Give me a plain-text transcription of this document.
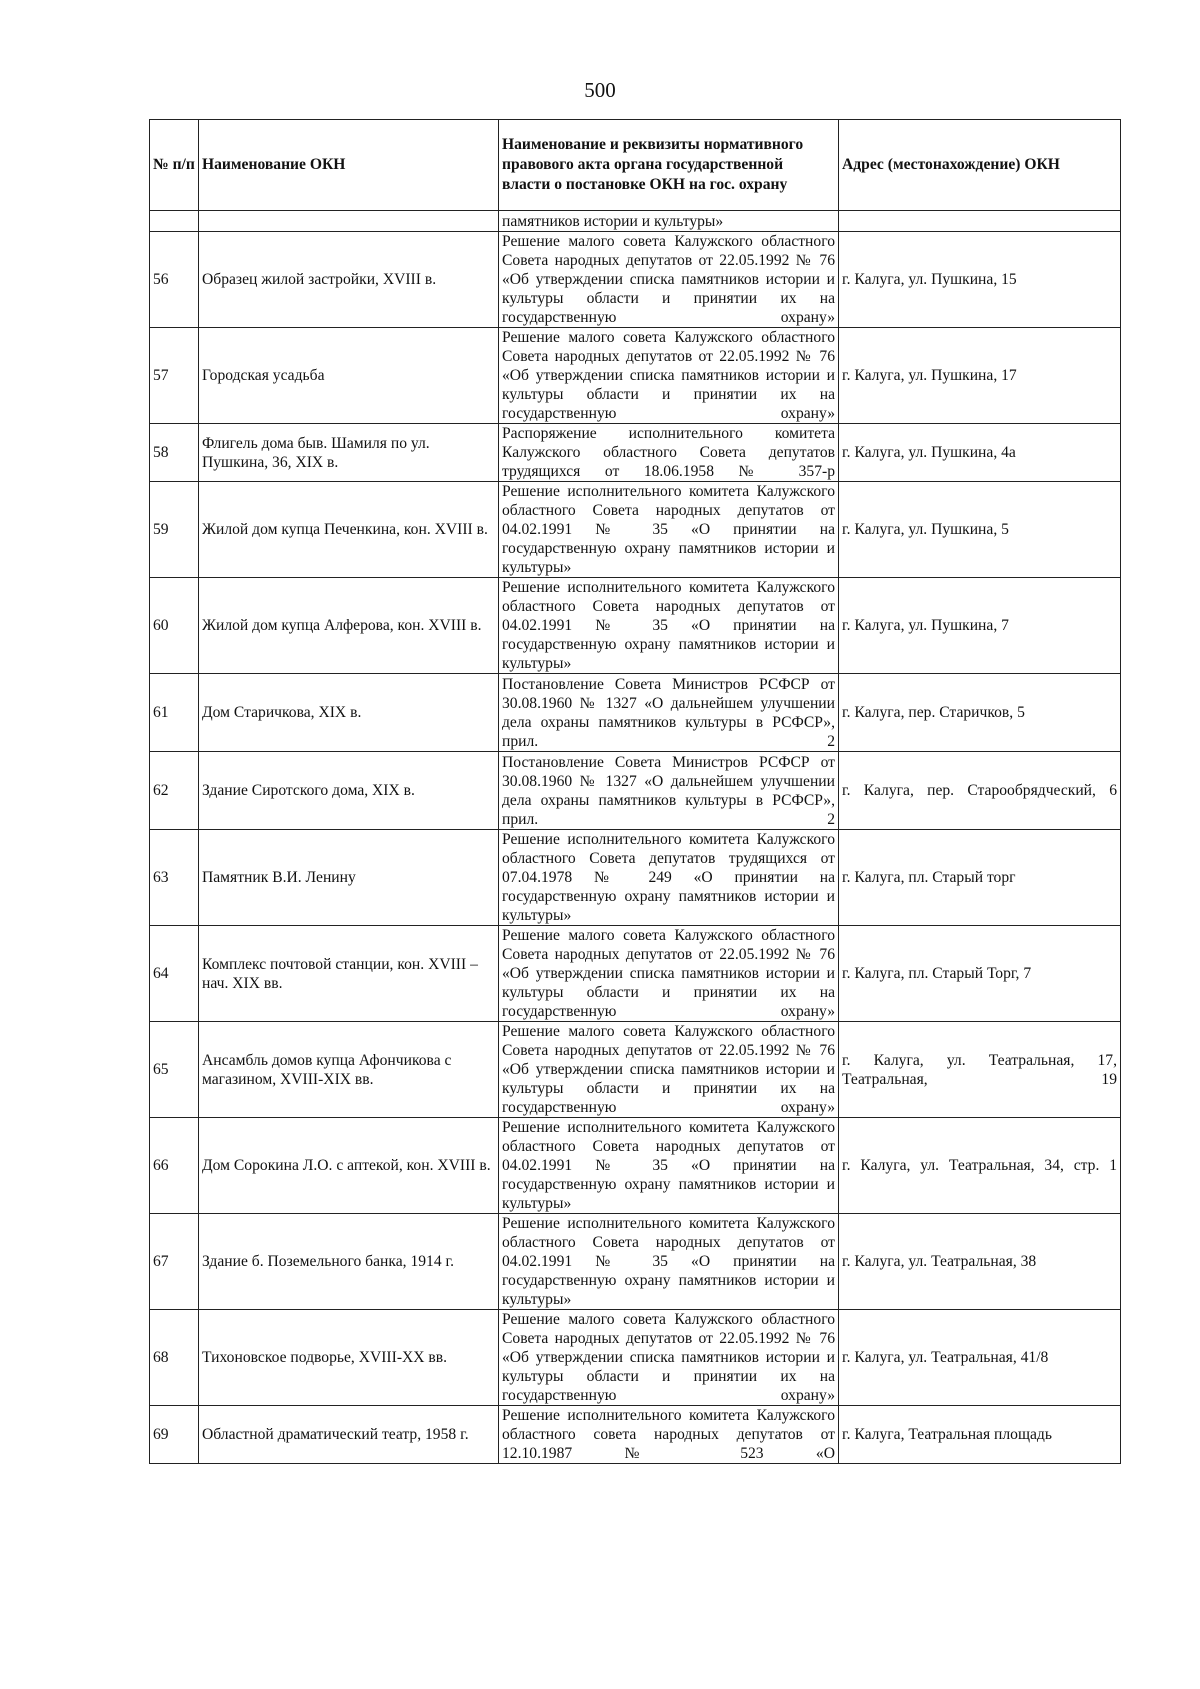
500
№ п/п	Наименование ОКН	Наименование и реквизиты нормативного правового акта органа государственной власти о постановке ОКН на гос. охрану	Адрес (местонахождение) ОКН
		памятников истории и культуры»	
56	Образец жилой застройки, XVIII в.	Решение малого совета Калужского областного Совета народных депутатов от 22.05.1992 № 76 «Об утверждении списка памятников истории и культуры области и принятии их на государственную охрану»	г. Калуга, ул. Пушкина, 15
57	Городская усадьба	Решение малого совета Калужского областного Совета народных депутатов от 22.05.1992 № 76 «Об утверждении списка памятников истории и культуры области и принятии их на государственную охрану»	г. Калуга, ул. Пушкина, 17
58	Флигель дома быв. Шамиля по ул. Пушкина, 36, XIX в.	Распоряжение исполнительного комитета Калужского областного Совета депутатов трудящихся от 18.06.1958 № 357-р	г. Калуга, ул. Пушкина, 4а
59	Жилой дом купца Печенкина, кон. XVIII в.	Решение исполнительного комитета Калужского областного Совета народных депутатов от 04.02.1991 № 35 «О принятии на государственную охрану памятников истории и культуры»	г. Калуга, ул. Пушкина, 5
60	Жилой дом купца Алферова, кон. XVIII в.	Решение исполнительного комитета Калужского областного Совета народных депутатов от 04.02.1991 № 35 «О принятии на государственную охрану памятников истории и культуры»	г. Калуга, ул. Пушкина, 7
61	Дом Старичкова, XIX в.	Постановление Совета Министров РСФСР от 30.08.1960 № 1327 «О дальнейшем улучшении дела охраны памятников культуры в РСФСР», прил. 2	г. Калуга, пер. Старичков, 5
62	Здание Сиротского дома, XIX в.	Постановление Совета Министров РСФСР от 30.08.1960 № 1327 «О дальнейшем улучшении дела охраны памятников культуры в РСФСР», прил. 2	г. Калуга, пер. Старообрядческий, 6
63	Памятник В.И. Ленину	Решение исполнительного комитета Калужского областного Совета депутатов трудящихся от 07.04.1978 № 249 «О принятии на государственную охрану памятников истории и культуры»	г. Калуга, пл. Старый торг
64	Комплекс почтовой станции, кон. XVIII – нач. XIX вв.	Решение малого совета Калужского областного Совета народных депутатов от 22.05.1992 № 76 «Об утверждении списка памятников истории и культуры области и принятии их на государственную охрану»	г. Калуга, пл. Старый Торг, 7
65	Ансамбль домов купца Афончикова с магазином, XVIII-XIX вв.	Решение малого совета Калужского областного Совета народных депутатов от 22.05.1992 № 76 «Об утверждении списка памятников истории и культуры области и принятии их на государственную охрану»	г. Калуга, ул. Театральная, 17, Театральная, 19
66	Дом Сорокина Л.О. с аптекой, кон. XVIII в.	Решение исполнительного комитета Калужского областного Совета народных депутатов от 04.02.1991 № 35 «О принятии на государственную охрану памятников истории и культуры»	г. Калуга, ул. Театральная, 34, стр. 1
67	Здание б. Поземельного банка, 1914 г.	Решение исполнительного комитета Калужского областного Совета народных депутатов от 04.02.1991 № 35 «О принятии на государственную охрану памятников истории и культуры»	г. Калуга, ул. Театральная, 38
68	Тихоновское подворье, XVIII-XX вв.	Решение малого совета Калужского областного Совета народных депутатов от 22.05.1992 № 76 «Об утверждении списка памятников истории и культуры области и принятии их на государственную охрану»	г. Калуга, ул. Театральная, 41/8
69	Областной драматический театр, 1958 г.	Решение исполнительного комитета Калужского областного совета народных депутатов от 12.10.1987 № 523 «О	г. Калуга, Театральная площадь
